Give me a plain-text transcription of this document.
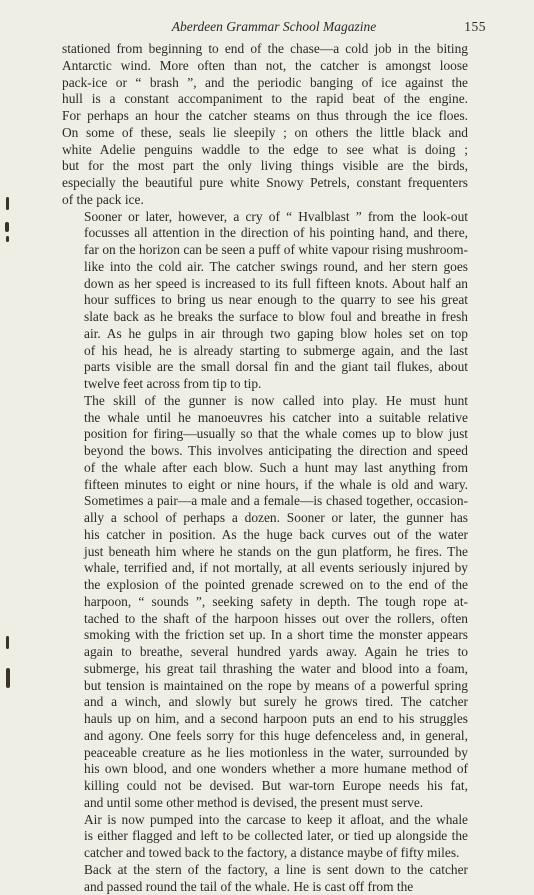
Aberdeen Grammar School Magazine	155

stationed from beginning to end of the chase—a cold job in the biting
Antarctic wind. More often than not, the catcher is amongst loose
pack-ice or “ brash ”, and the periodic banging of ice against the
hull is a constant accompaniment to the rapid beat of the engine.
For perhaps an hour the catcher steams on thus through the ice floes.
On some of these, seals lie sleepily ; on others the little black and
white Adelie penguins waddle to the edge to see what is doing ;
but for the most part the only living things visible are the birds,
especially the beautiful pure white Snowy Petrels, constant frequenters
of the pack ice.

Sooner or later, however, a cry of “ Hvalblast ” from the look-out
focusses all attention in the direction of his pointing hand, and there,
far on the horizon can be seen a puff of white vapour rising mushroom-
like into the cold air. The catcher swings round, and her stern goes
down as her speed is increased to its full fifteen knots. About half an
hour suffices to bring us near enough to the quarry to see his great
slate back as he breaks the surface to blow foul and breathe in fresh
air. As he gulps in air through two gaping blow holes set on top
of his head, he is already starting to submerge again, and the last
parts visible are the small dorsal fin and the giant tail flukes, about
twelve feet across from tip to tip.

The skill of the gunner is now called into play. He must hunt
the whale until he manoeuvres his catcher into a suitable relative
position for firing—usually so that the whale comes up to blow just
beyond the bows. This involves anticipating the direction and speed
of the whale after each blow. Such a hunt may last anything from
fifteen minutes to eight or nine hours, if the whale is old and wary.
Sometimes a pair—a male and a female—is chased together, occasion-
ally a school of perhaps a dozen. Sooner or later, the gunner has
his catcher in position. As the huge back curves out of the water
just beneath him where he stands on the gun platform, he fires. The
whale, terrified and, if not mortally, at all events seriously injured by
the explosion of the pointed grenade screwed on to the end of the
harpoon, “ sounds ”, seeking safety in depth. The tough rope at-
tached to the shaft of the harpoon hisses out over the rollers, often
smoking with the friction set up. In a short time the monster appears
again to breathe, several hundred yards away. Again he tries to
submerge, his great tail thrashing the water and blood into a foam,
but tension is maintained on the rope by means of a powerful spring
and a winch, and slowly but surely he grows tired. The catcher
hauls up on him, and a second harpoon puts an end to his struggles
and agony. One feels sorry for this huge defenceless and, in general,
peaceable creature as he lies motionless in the water, surrounded by
his own blood, and one wonders whether a more humane method of
killing could not be devised. But war-torn Europe needs his fat,
and until some other method is devised, the present must serve.

Air is now pumped into the carcase to keep it afloat, and the whale
is either flagged and left to be collected later, or tied up alongside the
catcher and towed back to the factory, a distance maybe of fifty miles.

Back at the stern of the factory, a line is sent down to the catcher
and passed round the tail of the whale. He is cast off from the
